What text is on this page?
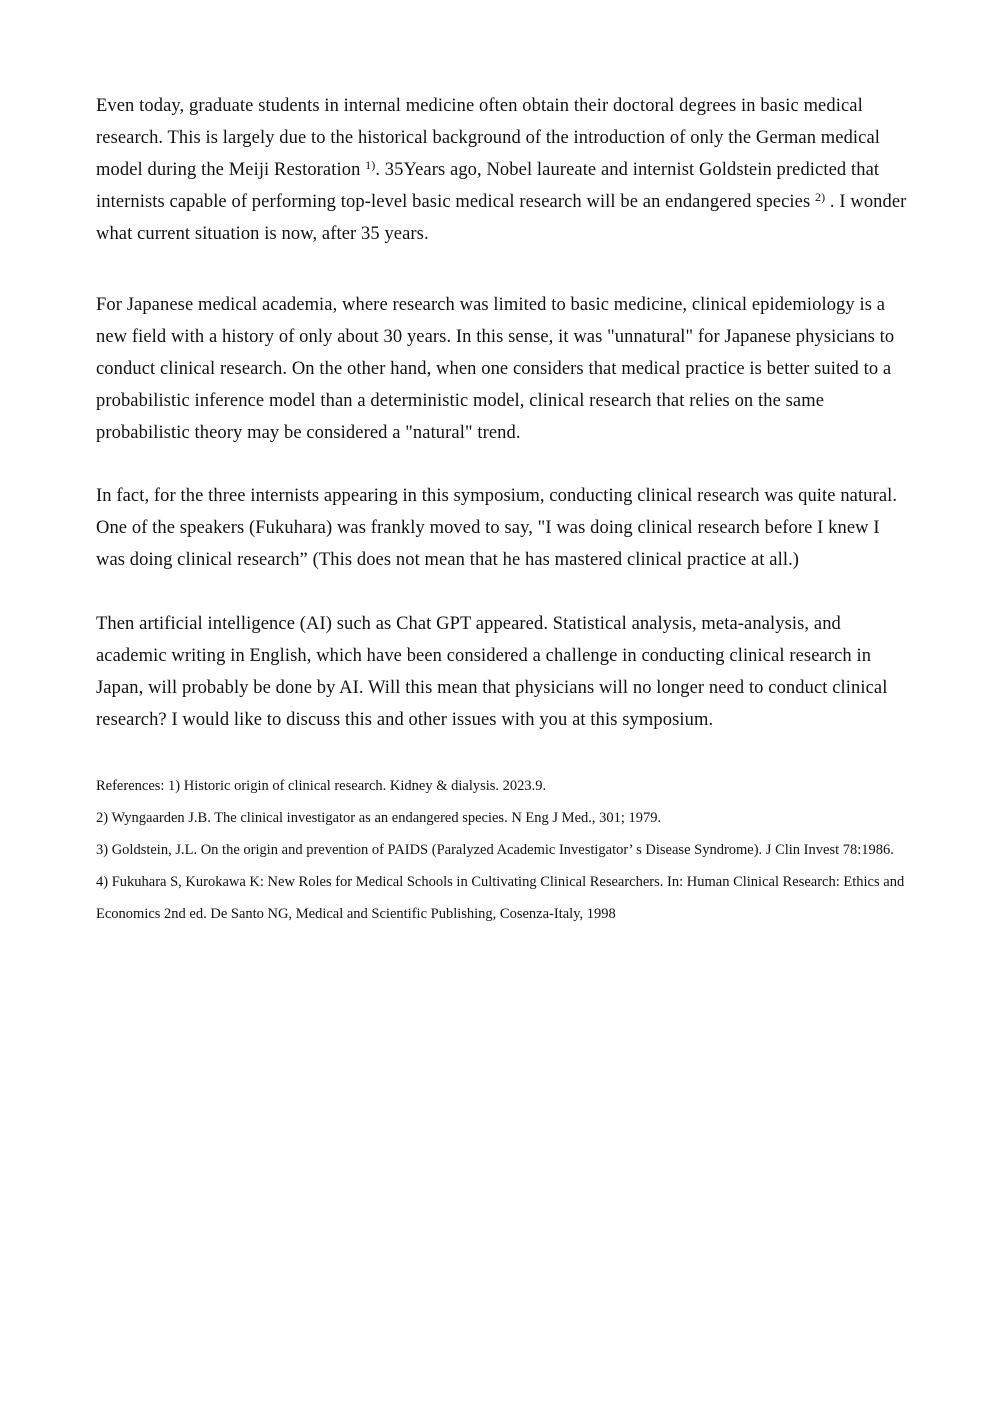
Even today, graduate students in internal medicine often obtain their doctoral degrees in basic medical research. This is largely due to the historical background of the introduction of only the German medical model during the Meiji Restoration $^{1)}$. 35Years ago, Nobel laureate and internist Goldstein predicted that internists capable of performing top-level basic medical research will be an endangered species $^{2)}$ . I wonder what current situation is now, after 35 years.

For Japanese medical academia, where research was limited to basic medicine, clinical epidemiology is a new field with a history of only about 30 years. In this sense, it was "unnatural" for Japanese physicians to conduct clinical research. On the other hand, when one considers that medical practice is better suited to a probabilistic inference model than a deterministic model, clinical research that relies on the same probabilistic theory may be considered a "natural" trend.

In fact, for the three internists appearing in this symposium, conducting clinical research was quite natural. One of the speakers (Fukuhara) was frankly moved to say, "I was doing clinical research before I knew I was doing clinical research” (This does not mean that he has mastered clinical practice at all.)

Then artificial intelligence (AI) such as Chat GPT appeared. Statistical analysis, meta-analysis, and academic writing in English, which have been considered a challenge in conducting clinical research in Japan, will probably be done by AI. Will this mean that physicians will no longer need to conduct clinical research? I would like to discuss this and other issues with you at this symposium.

References: 1) Historic origin of clinical research. Kidney & dialysis. 2023.9.

2) Wyngaarden J.B. The clinical investigator as an endangered species. N Eng J Med., 301; 1979.

3) Goldstein, J.L. On the origin and prevention of PAIDS (Paralyzed Academic Investigator’ s Disease Syndrome). J Clin Invest 78:1986.

4) Fukuhara S, Kurokawa K: New Roles for Medical Schools in Cultivating Clinical Researchers. In: Human Clinical Research: Ethics and Economics 2nd ed. De Santo NG, Medical and Scientific Publishing, Cosenza-Italy, 1998
